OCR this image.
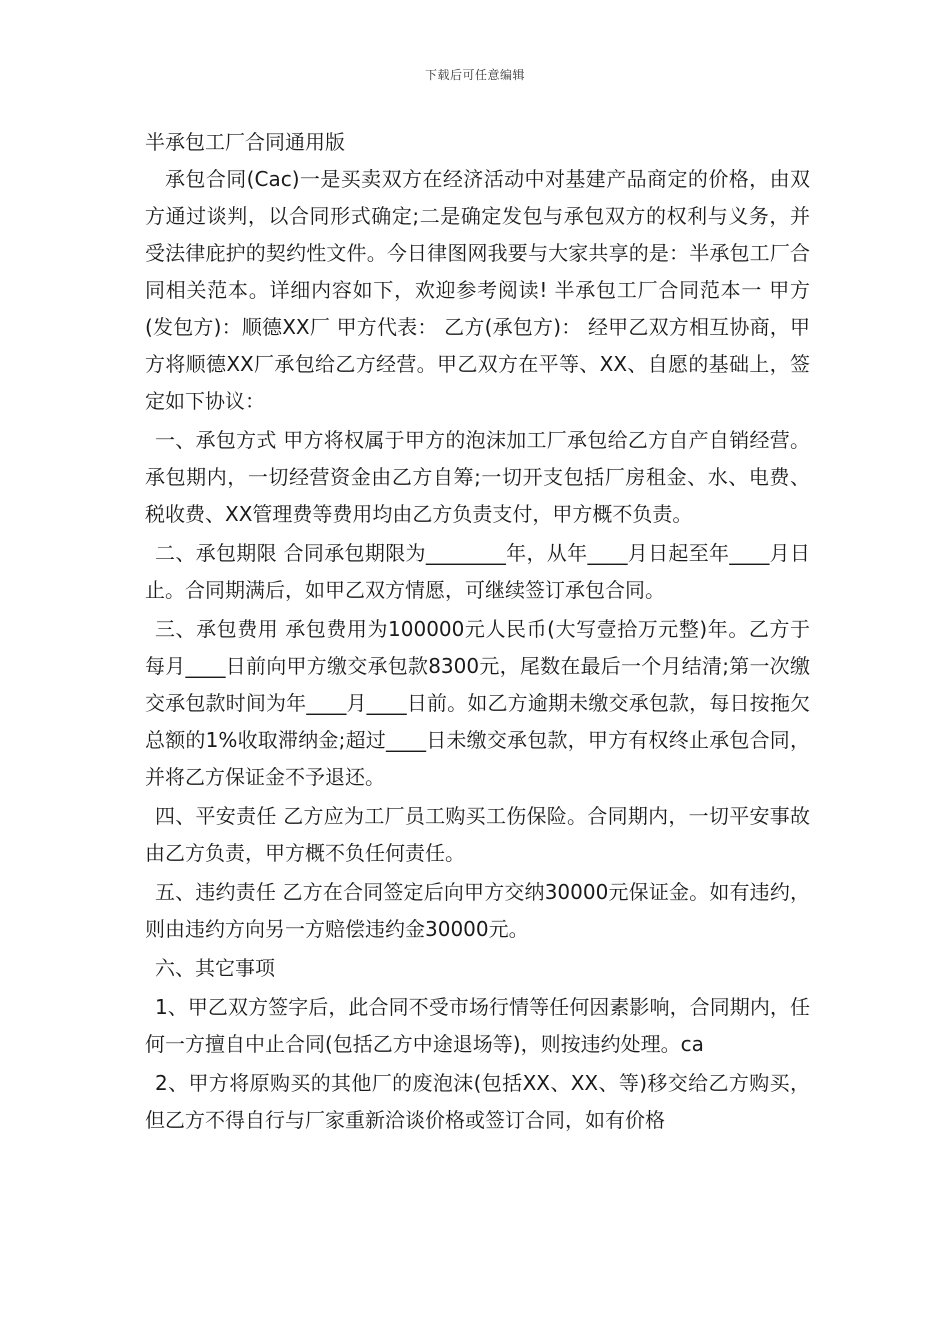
下载后可任意编辑
半承包工厂合同通用版

承包合同(Cac)一是买卖双方在经济活动中对基建产品商定的价格，由双方通过谈判，以合同形式确定;二是确定发包与承包双方的权利与义务，并受法律庇护的契约性文件。今日律图网我要与大家共享的是：半承包工厂合同相关范本。详细内容如下，欢迎参考阅读! 半承包工厂合同范本一 甲方(发包方)：顺德XX厂 甲方代表： 乙方(承包方)： 经甲乙双方相互协商，甲方将顺德XX厂承包给乙方经营。甲乙双方在平等、XX、自愿的基础上，签定如下协议：

一、承包方式 甲方将权属于甲方的泡沫加工厂承包给乙方自产自销经营。承包期内，一切经营资金由乙方自筹;一切开支包括厂房租金、水、电费、税收费、XX管理费等费用均由乙方负责支付，甲方概不负责。

二、承包期限 合同承包期限为________年，从年____月日起至年____月日止。合同期满后，如甲乙双方情愿，可继续签订承包合同。

三、承包费用 承包费用为100000元人民币(大写壹拾万元整)年。乙方于每月____日前向甲方缴交承包款8300元，尾数在最后一个月结清;第一次缴交承包款时间为年____月____日前。如乙方逾期未缴交承包款，每日按拖欠总额的1%收取滞纳金;超过____日未缴交承包款，甲方有权终止承包合同，并将乙方保证金不予退还。

四、平安责任 乙方应为工厂员工购买工伤保险。合同期内，一切平安事故由乙方负责，甲方概不负任何责任。

五、违约责任 乙方在合同签定后向甲方交纳30000元保证金。如有违约，则由违约方向另一方赔偿违约金30000元。

六、其它事项

1、甲乙双方签字后，此合同不受市场行情等任何因素影响，合同期内，任何一方擅自中止合同(包括乙方中途退场等)，则按违约处理。ca

2、甲方将原购买的其他厂的废泡沫(包括XX、XX、等)移交给乙方购买，但乙方不得自行与厂家重新洽谈价格或签订合同，如有价格
